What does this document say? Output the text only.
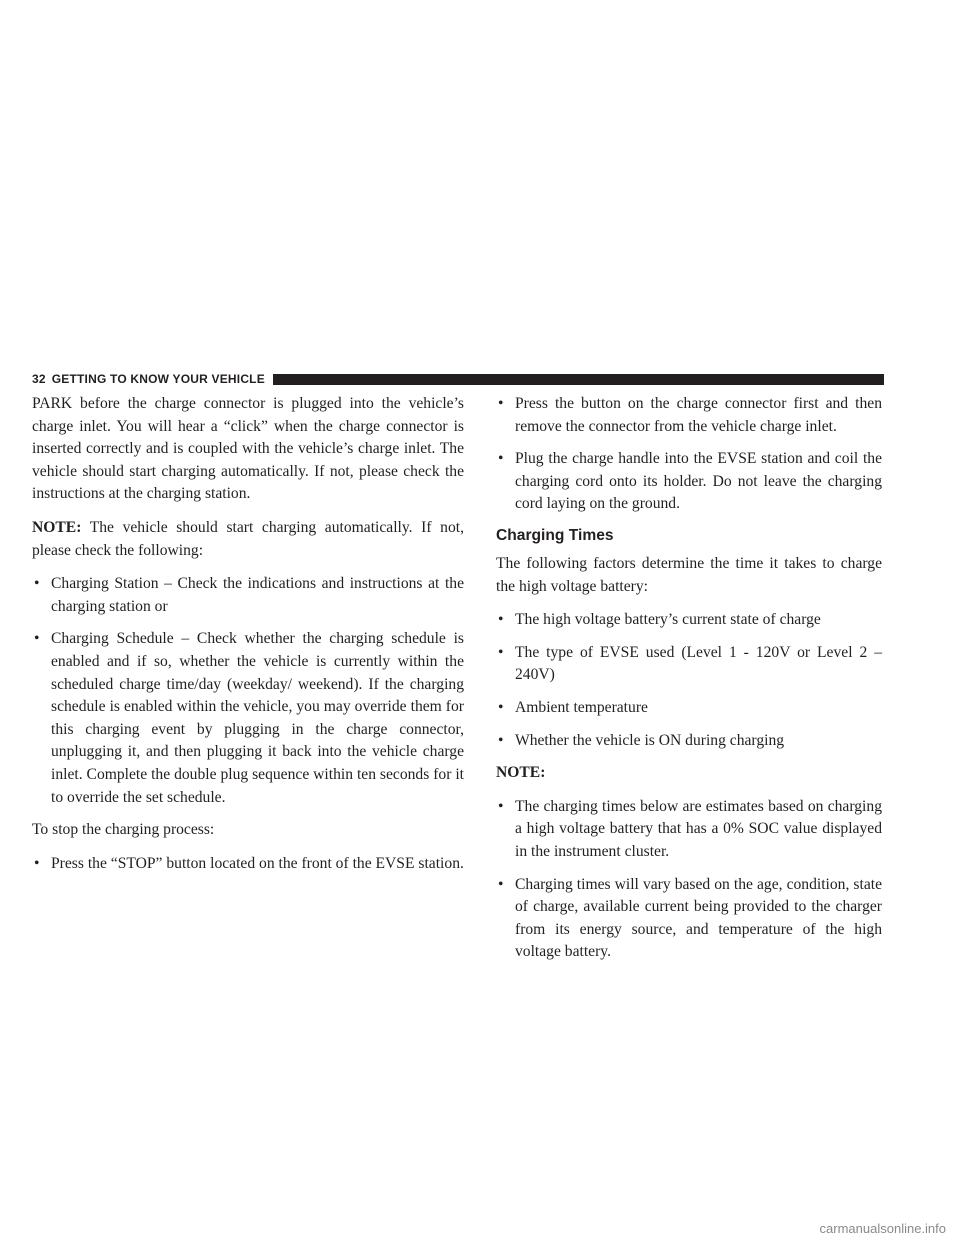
32 GETTING TO KNOW YOUR VEHICLE

PARK before the charge connector is plugged into the vehicle’s charge inlet. You will hear a “click” when the charge connector is inserted correctly and is coupled with the vehicle’s charge inlet. The vehicle should start charging automatically. If not, please check the instructions at the charging station.

NOTE: The vehicle should start charging automatically. If not, please check the following:

• Charging Station – Check the indications and instructions at the charging station or
• Charging Schedule – Check whether the charging schedule is enabled and if so, whether the vehicle is currently within the scheduled charge time/day (weekday/ weekend). If the charging schedule is enabled within the vehicle, you may override them for this charging event by plugging in the charge connector, unplugging it, and then plugging it back into the vehicle charge inlet. Complete the double plug sequence within ten seconds for it to override the set schedule.

To stop the charging process:

• Press the “STOP” button located on the front of the EVSE station.
• Press the button on the charge connector first and then remove the connector from the vehicle charge inlet.
• Plug the charge handle into the EVSE station and coil the charging cord onto its holder. Do not leave the charging cord laying on the ground.
Charging Times

The following factors determine the time it takes to charge the high voltage battery:

• The high voltage battery’s current state of charge
• The type of EVSE used (Level 1 - 120V or Level 2 – 240V)
• Ambient temperature
• Whether the vehicle is ON during charging

NOTE:

• The charging times below are estimates based on charging a high voltage battery that has a 0% SOC value displayed in the instrument cluster.
• Charging times will vary based on the age, condition, state of charge, available current being provided to the charger from its energy source, and temperature of the high voltage battery.
carmanualsonline.info
